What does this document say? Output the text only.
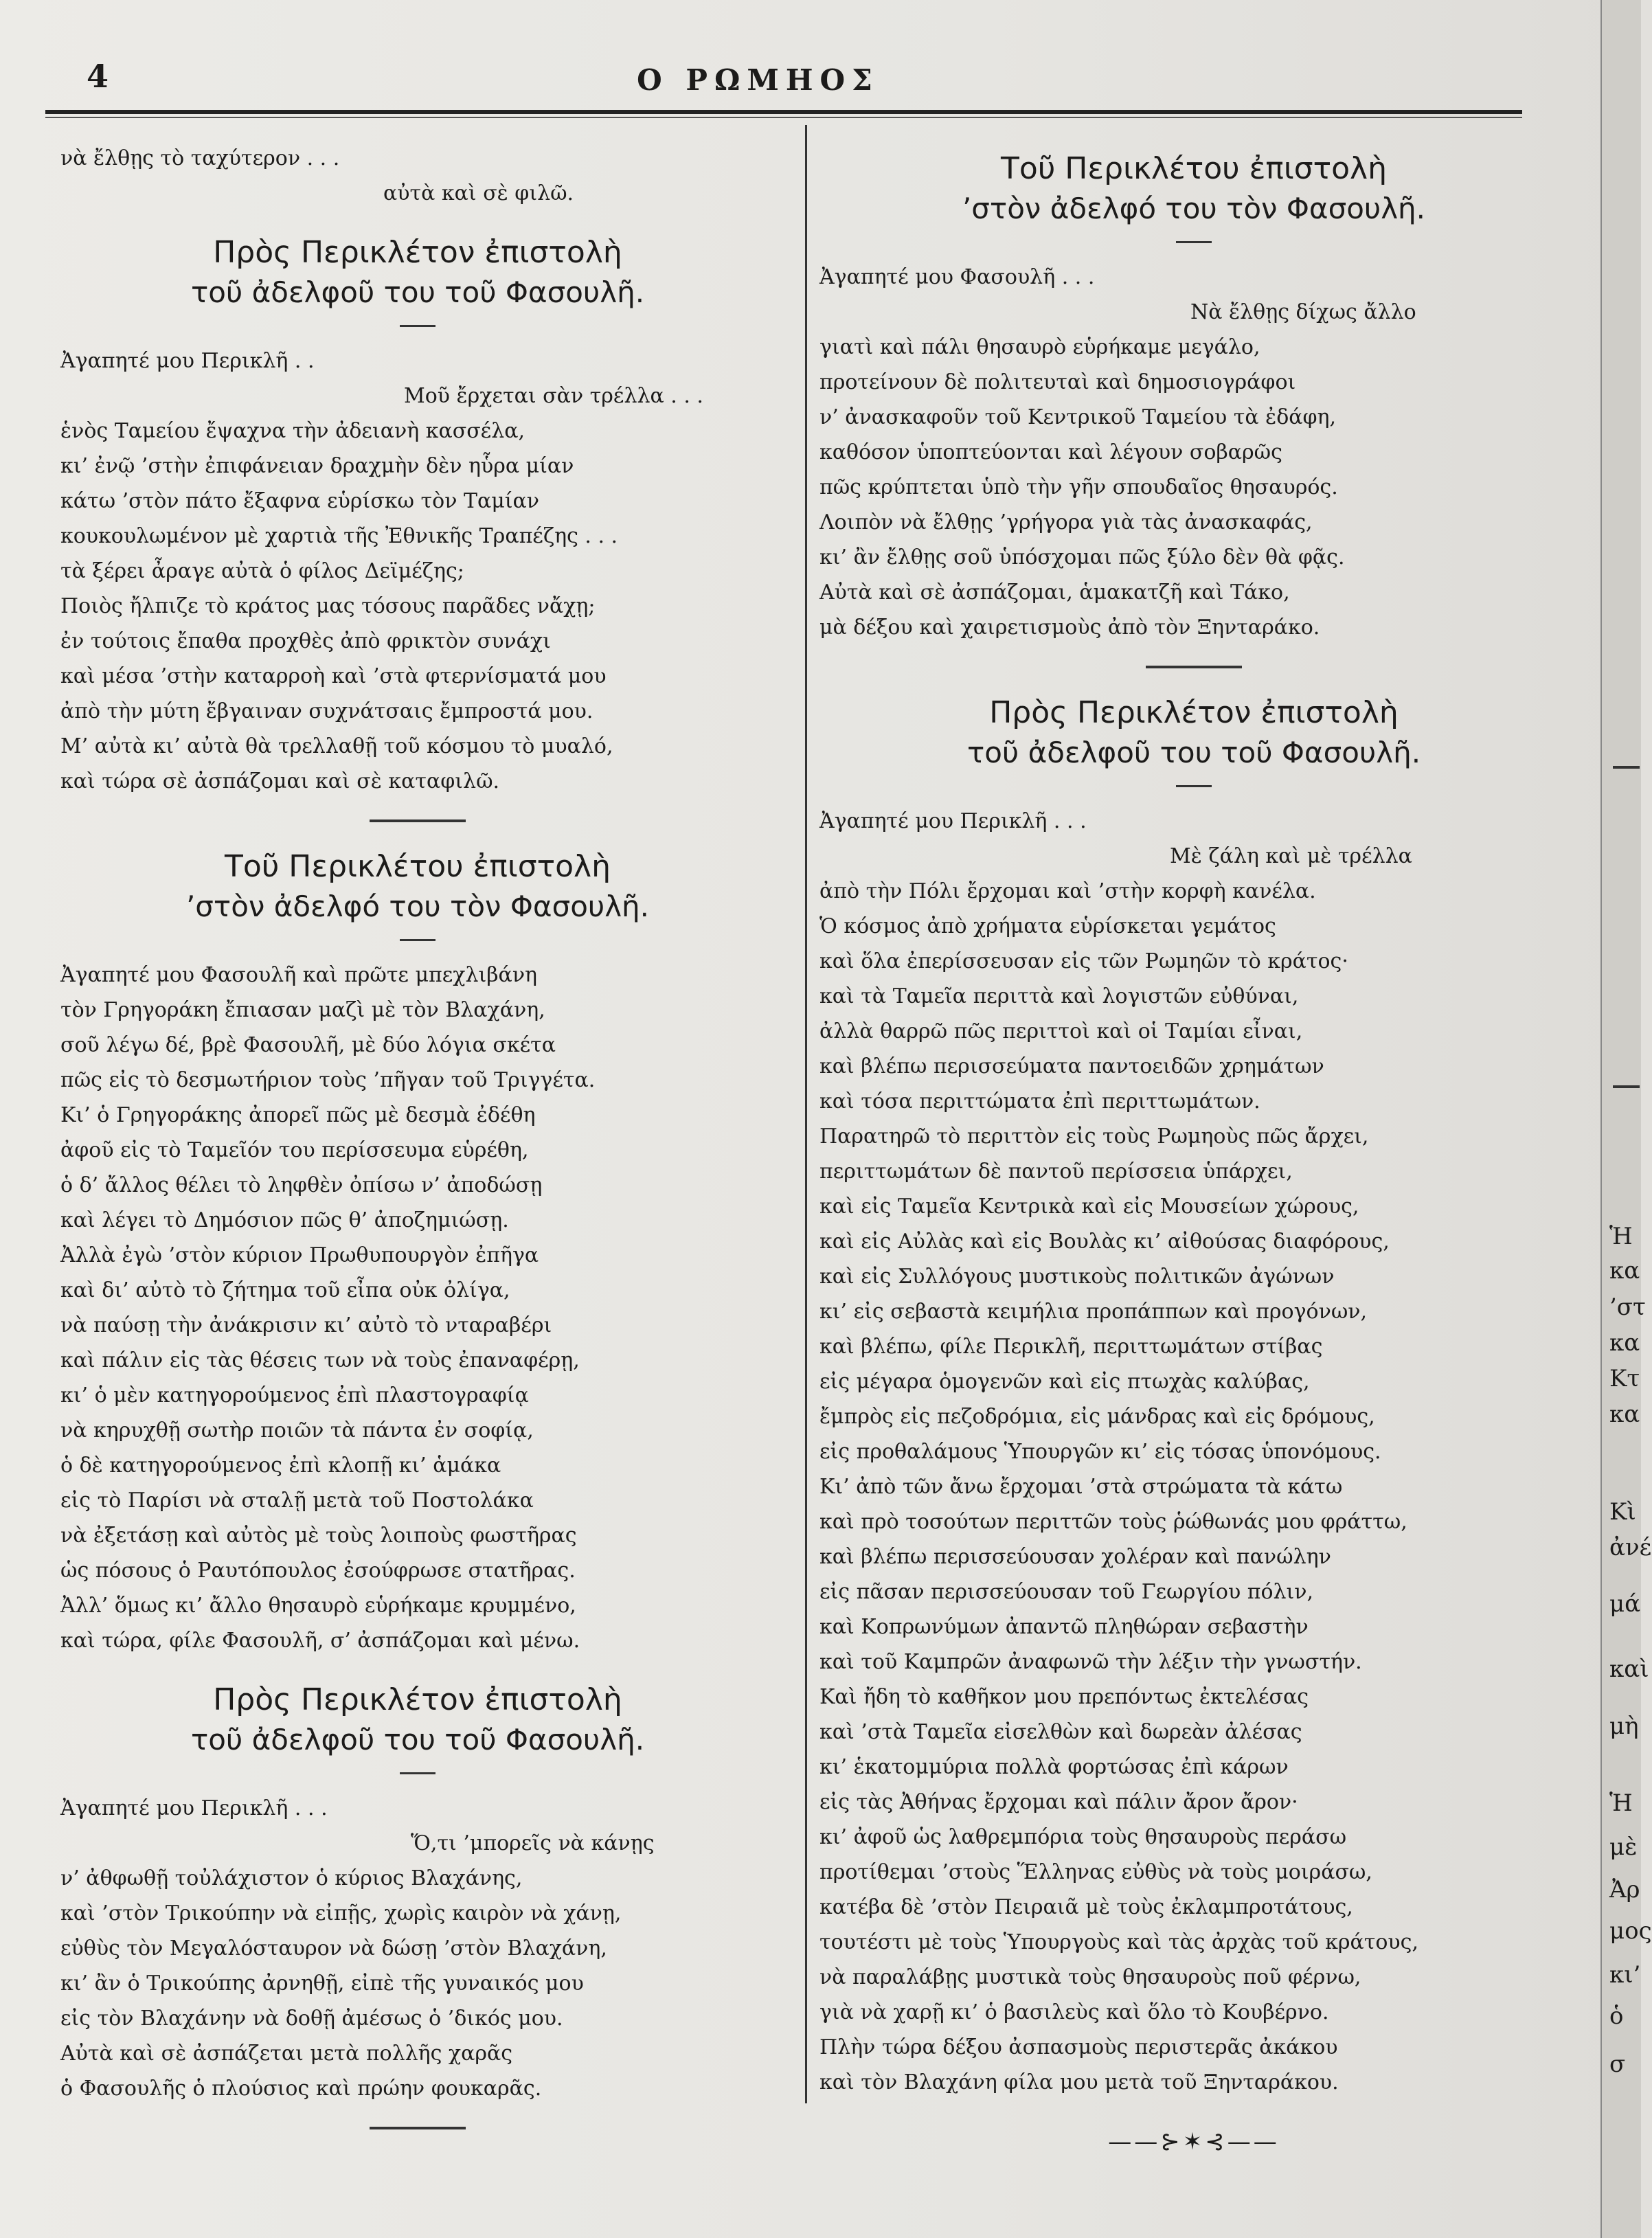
4	Ο ΡΩΜΗΟΣ
νὰ ἔλθῃς τὸ ταχύτερον . . .
αὐτὰ καὶ σὲ φιλῶ.
Πρὸς Περικλέτον ἐπιστολὴ
τοῦ ἀδελφοῦ του τοῦ Φασουλῆ.
Ἀγαπητέ μου Περικλῆ . .
Μοῦ ἔρχεται σὰν τρέλλα . . .
ἑνὸς Ταμείου ἔψαχνα τὴν ἀδειανὴ κασσέλα,
κι’ ἐνῷ ’στὴν ἐπιφάνειαν δραχμὴν δὲν ηὗρα μίαν
κάτω ’στὸν πάτο ἔξαφνα εὑρίσκω τὸν Ταμίαν
κουκουλωμένον μὲ χαρτιὰ τῆς Ἐθνικῆς Τραπέζης . . .
τὰ ξέρει ἆραγε αὐτὰ ὁ φίλος Δεϊμέζης;
Ποιὸς ἤλπιζε τὸ κράτος μας τόσους παρᾶδες νἄχῃ;
ἐν τούτοις ἔπαθα προχθὲς ἀπὸ φρικτὸν συνάχι
καὶ μέσα ’στὴν καταρροὴ καὶ ’στὰ φτερνίσματά μου
ἀπὸ τὴν μύτη ἔβγαιναν συχνάτσαις ἔμπροστά μου.
Μ’ αὐτὰ κι’ αὐτὰ θὰ τρελλαθῇ τοῦ κόσμου τὸ μυαλό,
καὶ τώρα σὲ ἀσπάζομαι καὶ σὲ καταφιλῶ.
Τοῦ Περικλέτου ἐπιστολὴ
’στὸν ἀδελφό του τὸν Φασουλῆ.
Ἀγαπητέ μου Φασουλῆ καὶ πρῶτε μπεχλιβάνη
τὸν Γρηγοράκη ἔπιασαν μαζὶ μὲ τὸν Βλαχάνη,
σοῦ λέγω δέ, βρὲ Φασουλῆ, μὲ δύο λόγια σκέτα
πῶς εἰς τὸ δεσμωτήριον τοὺς ’πῆγαν τοῦ Τριγγέτα.
Κι’ ὁ Γρηγοράκης ἀπορεῖ πῶς μὲ δεσμὰ ἐδέθη
ἀφοῦ εἰς τὸ Ταμεῖόν του περίσσευμα εὑρέθη,
ὁ δ’ ἄλλος θέλει τὸ ληφθὲν ὀπίσω ν’ ἀποδώσῃ
καὶ λέγει τὸ Δημόσιον πῶς θ’ ἀποζημιώσῃ.
Ἀλλὰ ἐγὼ ’στὸν κύριον Πρωθυπουργὸν ἐπῆγα
καὶ δι’ αὐτὸ τὸ ζήτημα τοῦ εἶπα οὐκ ὀλίγα,
νὰ παύσῃ τὴν ἀνάκρισιν κι’ αὐτὸ τὸ νταραβέρι
καὶ πάλιν εἰς τὰς θέσεις των νὰ τοὺς ἐπαναφέρῃ,
κι’ ὁ μὲν κατηγορούμενος ἐπὶ πλαστογραφίᾳ
νὰ κηρυχθῇ σωτὴρ ποιῶν τὰ πάντα ἐν σοφίᾳ,
ὁ δὲ κατηγορούμενος ἐπὶ κλοπῇ κι’ ἁμάκα
εἰς τὸ Παρίσι νὰ σταλῇ μετὰ τοῦ Ποστολάκα
νὰ ἐξετάσῃ καὶ αὐτὸς μὲ τοὺς λοιποὺς φωστῆρας
ὡς πόσους ὁ Ραυτόπουλος ἐσούφρωσε στατῆρας.
Ἀλλ’ ὅμως κι’ ἄλλο θησαυρὸ εὑρήκαμε κρυμμένο,
καὶ τώρα, φίλε Φασουλῆ, σ’ ἀσπάζομαι καὶ μένω.
Πρὸς Περικλέτον ἐπιστολὴ
τοῦ ἀδελφοῦ του τοῦ Φασουλῆ.
Ἀγαπητέ μου Περικλῆ . . .
Ὅ,τι ’μπορεῖς νὰ κάνῃς
ν’ ἀθφωθῇ τοὐλάχιστον ὁ κύριος Βλαχάνης,
καὶ ’στὸν Τρικούπην νὰ εἰπῇς, χωρὶς καιρὸν νὰ χάνῃ,
εὐθὺς τὸν Μεγαλόσταυρον νὰ δώσῃ ’στὸν Βλαχάνη,
κι’ ἂν ὁ Τρικούπης ἀρνηθῇ, εἰπὲ τῆς γυναικός μου
εἰς τὸν Βλαχάνην νὰ δοθῇ ἀμέσως ὁ ’δικός μου.
Αὐτὰ καὶ σὲ ἀσπάζεται μετὰ πολλῆς χαρᾶς
ὁ Φασουλῆς ὁ πλούσιος καὶ πρώην φουκαρᾶς.
Τοῦ Περικλέτου ἐπιστολὴ
’στὸν ἀδελφό του τὸν Φασουλῆ.
Ἀγαπητέ μου Φασουλῆ . . .
Νὰ ἔλθῃς δίχως ἄλλο
γιατὶ καὶ πάλι θησαυρὸ εὑρήκαμε μεγάλο,
προτείνουν δὲ πολιτευταὶ καὶ δημοσιογράφοι
ν’ ἀνασκαφοῦν τοῦ Κεντρικοῦ Ταμείου τὰ ἐδάφη,
καθόσον ὑποπτεύονται καὶ λέγουν σοβαρῶς
πῶς κρύπτεται ὑπὸ τὴν γῆν σπουδαῖος θησαυρός.
Λοιπὸν νὰ ἔλθῃς ’γρήγορα γιὰ τὰς ἀνασκαφάς,
κι’ ἂν ἔλθῃς σοῦ ὑπόσχομαι πῶς ξύλο δὲν θὰ φᾷς.
Αὐτὰ καὶ σὲ ἀσπάζομαι, ἁμακατζῆ καὶ Τάκο,
μὰ δέξου καὶ χαιρετισμοὺς ἀπὸ τὸν Ξηνταράκο.
Πρὸς Περικλέτον ἐπιστολὴ
τοῦ ἀδελφοῦ του τοῦ Φασουλῆ.
Ἀγαπητέ μου Περικλῆ . . .
Μὲ ζάλη καὶ μὲ τρέλλα
ἀπὸ τὴν Πόλι ἔρχομαι καὶ ’στὴν κορφὴ κανέλα.
Ὁ κόσμος ἀπὸ χρήματα εὑρίσκεται γεμάτος
καὶ ὅλα ἐπερίσσευσαν εἰς τῶν Ρωμηῶν τὸ κράτος·
καὶ τὰ Ταμεῖα περιττὰ καὶ λογιστῶν εὐθύναι,
ἀλλὰ θαρρῶ πῶς περιττοὶ καὶ οἱ Ταμίαι εἶναι,
καὶ βλέπω περισσεύματα παντοειδῶν χρημάτων
καὶ τόσα περιττώματα ἐπὶ περιττωμάτων.
Παρατηρῶ τὸ περιττὸν εἰς τοὺς Ρωμηοὺς πῶς ἄρχει,
περιττωμάτων δὲ παντοῦ περίσσεια ὑπάρχει,
καὶ εἰς Ταμεῖα Κεντρικὰ καὶ εἰς Μουσείων χώρους,
καὶ εἰς Αὐλὰς καὶ εἰς Βουλὰς κι’ αἰθούσας διαφόρους,
καὶ εἰς Συλλόγους μυστικοὺς πολιτικῶν ἀγώνων
κι’ εἰς σεβαστὰ κειμήλια προπάππων καὶ προγόνων,
καὶ βλέπω, φίλε Περικλῆ, περιττωμάτων στίβας
εἰς μέγαρα ὁμογενῶν καὶ εἰς πτωχὰς καλύβας,
ἔμπρὸς εἰς πεζοδρόμια, εἰς μάνδρας καὶ εἰς δρόμους,
εἰς προθαλάμους Ὑπουργῶν κι’ εἰς τόσας ὑπονόμους.
Κι’ ἀπὸ τῶν ἄνω ἔρχομαι ’στὰ στρώματα τὰ κάτω
καὶ πρὸ τοσούτων περιττῶν τοὺς ῥώθωνάς μου φράττω,
καὶ βλέπω περισσεύουσαν χολέραν καὶ πανώλην
εἰς πᾶσαν περισσεύουσαν τοῦ Γεωργίου πόλιν,
καὶ Κοπρωνύμων ἀπαντῶ πληθώραν σεβαστὴν
καὶ τοῦ Καμπρῶν ἀναφωνῶ τὴν λέξιν τὴν γνωστήν.
Καὶ ἤδη τὸ καθῆκον μου πρεπόντως ἐκτελέσας
καὶ ’στὰ Ταμεῖα εἰσελθὼν καὶ δωρεὰν ἀλέσας
κι’ ἑκατομμύρια πολλὰ φορτώσας ἐπὶ κάρων
εἰς τὰς Ἀθήνας ἔρχομαι καὶ πάλιν ἄρον ἄρον·
κι’ ἀφοῦ ὡς λαθρεμπόρια τοὺς θησαυροὺς περάσω
προτίθεμαι ’στοὺς Ἕλληνας εὐθὺς νὰ τοὺς μοιράσω,
κατέβα δὲ ’στὸν Πειραιᾶ μὲ τοὺς ἐκλαμπροτάτους,
τουτέστι μὲ τοὺς Ὑπουργοὺς καὶ τὰς ἀρχὰς τοῦ κράτους,
νὰ παραλάβῃς μυστικὰ τοὺς θησαυροὺς ποῦ φέρνω,
γιὰ νὰ χαρῇ κι’ ὁ βασιλεὺς καὶ ὅλο τὸ Κουβέρνο.
Πλὴν τώρα δέξου ἀσπασμοὺς περιστερᾶς ἀκάκου
καὶ τὸν Βλαχάνη φίλα μου μετὰ τοῦ Ξηνταράκου.
——⊱✶⊰——
Ἡ
κα
’στ
κα
Κτ
κα
Κὶ
ἀνέ
μά
καὶ
μὴ
Ἡ
μὲ
Ἀρ
μος
κι’
ὁ σ
